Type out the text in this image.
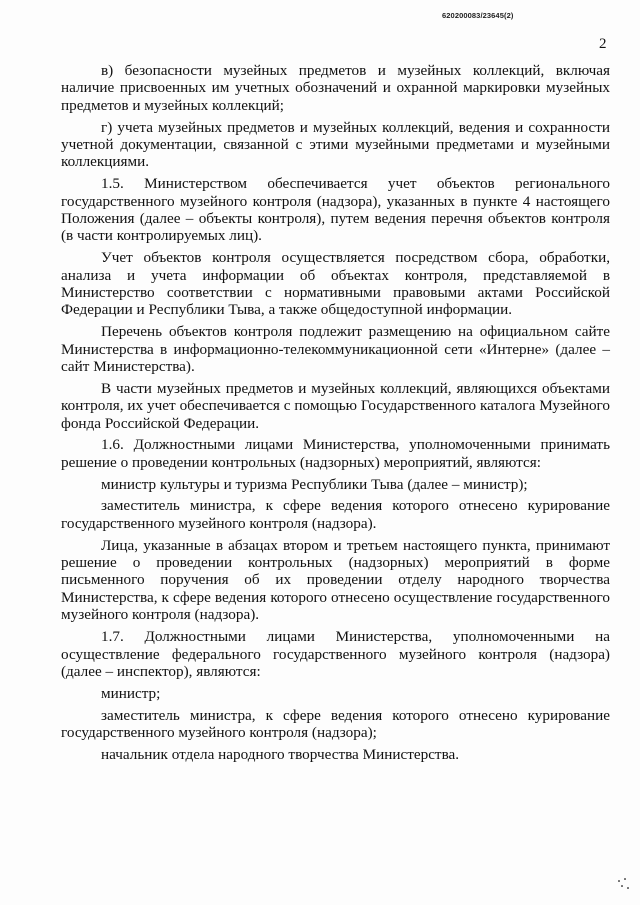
620200083/23645(2)
2

в) безопасности музейных предметов и музейных коллекций, включая наличие присвоенных им учетных обозначений и охранной маркировки музейных предметов и музейных коллекций;

г) учета музейных предметов и музейных коллекций, ведения и сохранности учетной документации, связанной с этими музейными предметами и музейными коллекциями.

1.5. Министерством обеспечивается учет объектов регионального государственного музейного контроля (надзора), указанных в пункте 4 настоящего Положения (далее – объекты контроля), путем ведения перечня объектов контроля (в части контролируемых лиц).

Учет объектов контроля осуществляется посредством сбора, обработки, анализа и учета информации об объектах контроля, представляемой в Министерство соответствии с нормативными правовыми актами Российской Федерации и Республики Тыва, а также общедоступной информации.

Перечень объектов контроля подлежит размещению на официальном сайте Министерства в информационно-телекоммуникационной сети «Интерне» (далее – сайт Министерства).

В части музейных предметов и музейных коллекций, являющихся объектами контроля, их учет обеспечивается с помощью Государственного каталога Музейного фонда Российской Федерации.

1.6. Должностными лицами Министерства, уполномоченными принимать решение о проведении контрольных (надзорных) мероприятий, являются:

министр культуры и туризма Республики Тыва (далее – министр);

заместитель министра, к сфере ведения которого отнесено курирование государственного музейного контроля (надзора).

Лица, указанные в абзацах втором и третьем настоящего пункта, принимают решение о проведении контрольных (надзорных) мероприятий в форме письменного поручения об их проведении отделу народного творчества Министерства, к сфере ведения которого отнесено осуществление государственного музейного контроля (надзора).

1.7. Должностными лицами Министерства, уполномоченными на осуществление федерального государственного музейного контроля (надзора) (далее – инспектор), являются:

министр;

заместитель министра, к сфере ведения которого отнесено курирование государственного музейного контроля (надзора);

начальник отдела народного творчества Министерства.
